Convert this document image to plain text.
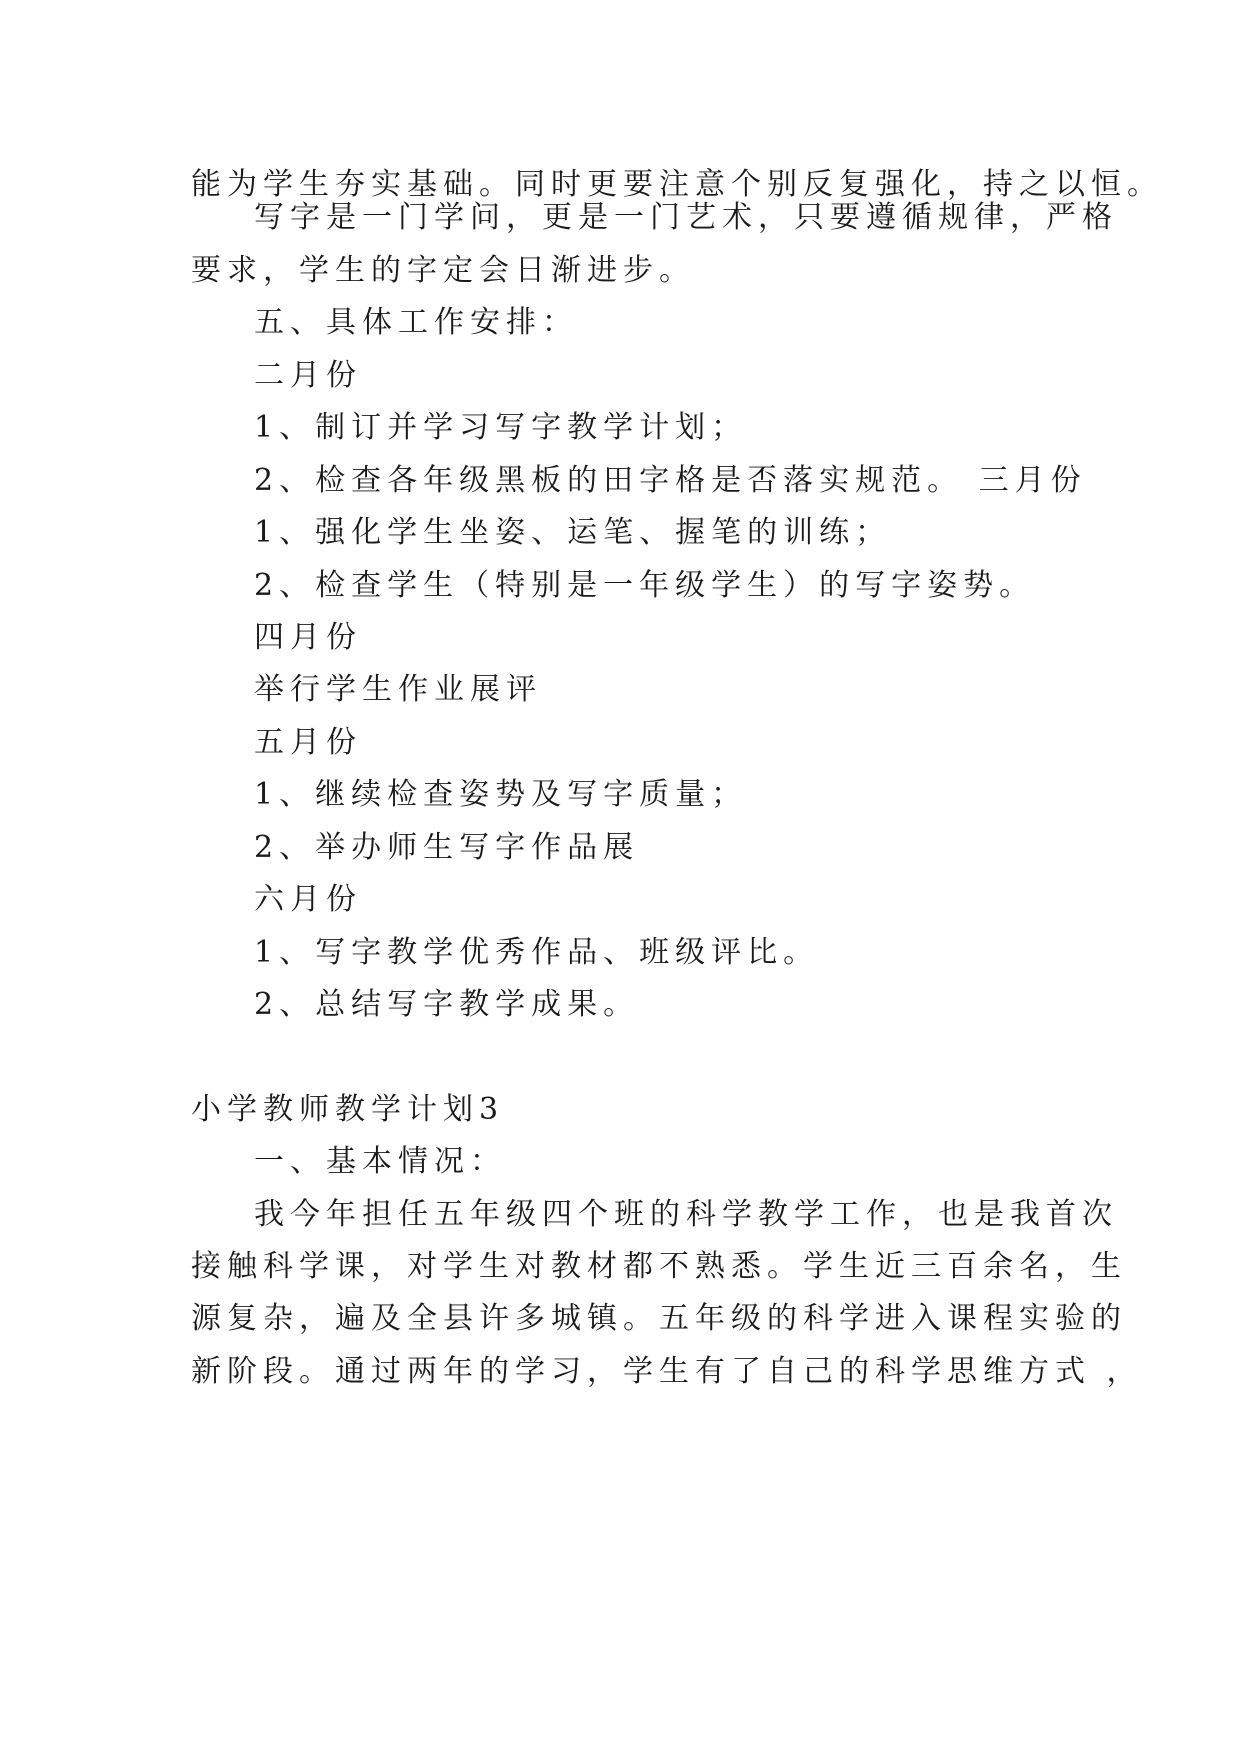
能为学生夯实基础。同时更要注意个别反复强化，持之以恒。
写字是一门学问，更是一门艺术，只要遵循规律，严格
要求，学生的字定会日渐进步。
五、具体工作安排：
二月份
1、制订并学习写字教学计划；
2、检查各年级黑板的田字格是否落实规范。 三月份
1、强化学生坐姿、运笔、握笔的训练；
2、检查学生（特别是一年级学生）的写字姿势。
四月份
举行学生作业展评
五月份
1、继续检查姿势及写字质量；
2、举办师生写字作品展
六月份
1、写字教学优秀作品、班级评比。
2、总结写字教学成果。
小学教师教学计划3
一、基本情况：
我今年担任五年级四个班的科学教学工作，也是我首次
接触科学课，对学生对教材都不熟悉。学生近三百余名，生
源复杂，遍及全县许多城镇。五年级的科学进入课程实验的
新阶段。通过两年的学习，学生有了自己的科学思维方式 ，
